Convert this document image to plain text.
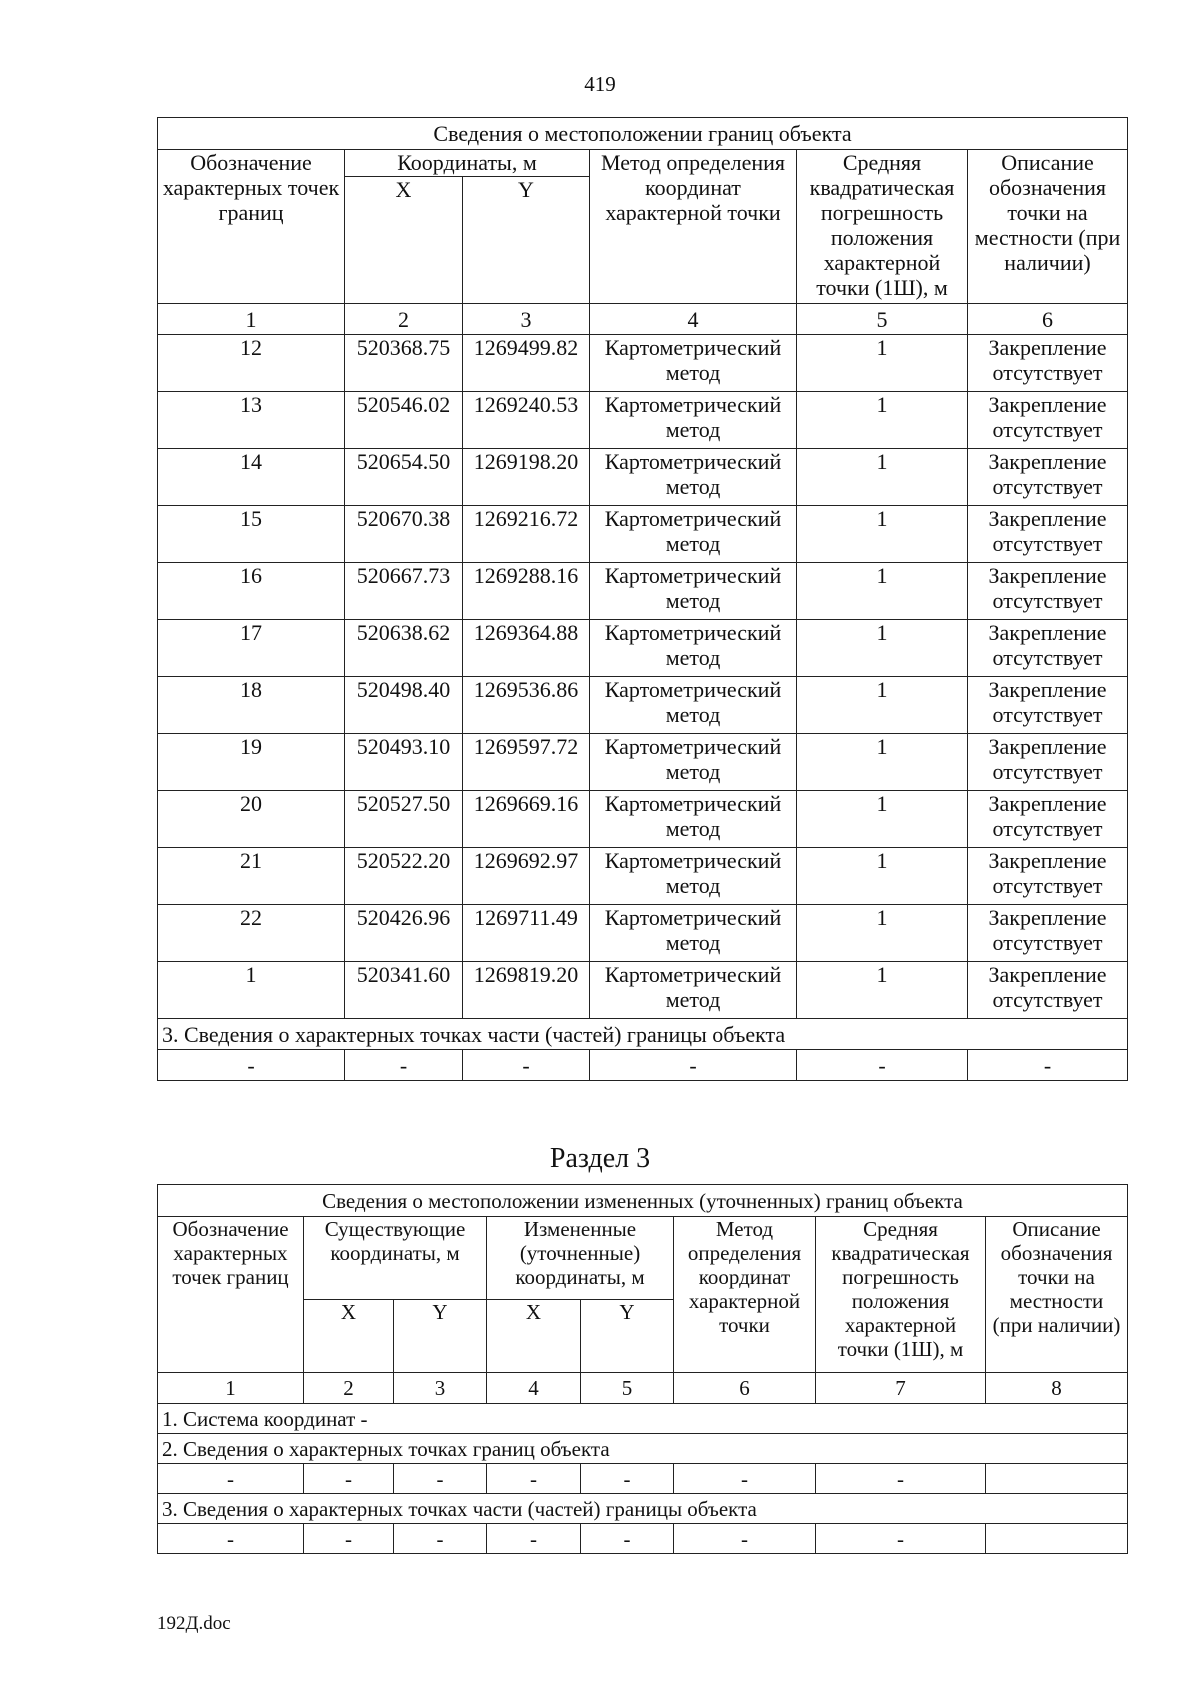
419
Сведения о местоположении границ объекта					
Обозначение характерных точек границ	Координаты, м		Метод определения координат характерной точки	Средняя квадратическая погрешность положения характерной точки (1Ш), м	Описание обозначения точки на местности (при наличии)
	X	Y			
1	2	3	4	5	6
12	520368.75	1269499.82	Картометрический метод	1	Закрепление отсутствует
13	520546.02	1269240.53	Картометрический метод	1	Закрепление отсутствует
14	520654.50	1269198.20	Картометрический метод	1	Закрепление отсутствует
15	520670.38	1269216.72	Картометрический метод	1	Закрепление отсутствует
16	520667.73	1269288.16	Картометрический метод	1	Закрепление отсутствует
17	520638.62	1269364.88	Картометрический метод	1	Закрепление отсутствует
18	520498.40	1269536.86	Картометрический метод	1	Закрепление отсутствует
19	520493.10	1269597.72	Картометрический метод	1	Закрепление отсутствует
20	520527.50	1269669.16	Картометрический метод	1	Закрепление отсутствует
21	520522.20	1269692.97	Картометрический метод	1	Закрепление отсутствует
22	520426.96	1269711.49	Картометрический метод	1	Закрепление отсутствует
1	520341.60	1269819.20	Картометрический метод	1	Закрепление отсутствует
3. Сведения о характерных точках части (частей) границы объекта					
-	-	-	-	-	-
Раздел 3
Сведения о местоположении измененных (уточненных) границ объекта							
Обозначение характерных точек границ	Существующие координаты, м		Измененные (уточненные) координаты, м		Метод определения координат характерной точки	Средняя квадратическая погрешность положения характерной точки (1Ш), м	Описание обозначения точки на местности (при наличии)
	X	Y	X	Y			
1	2	3	4	5	6	7	8
1. Система координат -							
2. Сведения о характерных точках границ объекта							
-	-	-	-	-	-	-	
3. Сведения о характерных точках части (частей) границы объекта							
-	-	-	-	-	-	-	
192Д.doc
